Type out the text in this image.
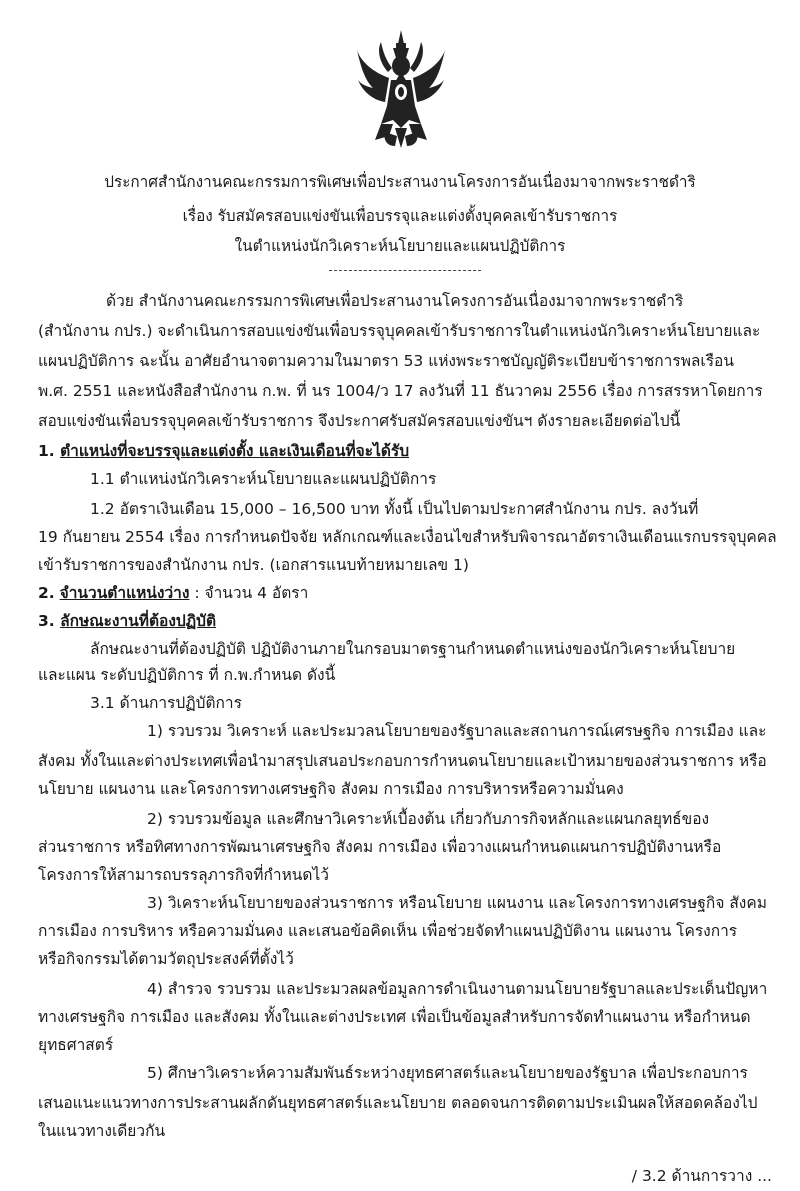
ประกาศสำนักงานคณะกรรมการพิเศษเพื่อประสานงานโครงการอันเนื่องมาจากพระราชดำริ
เรื่อง รับสมัครสอบแข่งขันเพื่อบรรจุและแต่งตั้งบุคคลเข้ารับราชการ
ในตำแหน่งนักวิเคราะห์นโยบายและแผนปฏิบัติการ
ด้วย สำนักงานคณะกรรมการพิเศษเพื่อประสานงานโครงการอันเนื่องมาจากพระราชดำริ
(สำนักงาน กปร.) จะดำเนินการสอบแข่งขันเพื่อบรรจุบุคคลเข้ารับราชการในตำแหน่งนักวิเคราะห์นโยบายและ
แผนปฏิบัติการ ฉะนั้น อาศัยอำนาจตามความในมาตรา 53 แห่งพระราชบัญญัติระเบียบข้าราชการพลเรือน
พ.ศ. 2551 และหนังสือสำนักงาน ก.พ. ที่ นร 1004/ว 17 ลงวันที่ 11 ธันวาคม 2556 เรื่อง การสรรหาโดยการ
สอบแข่งขันเพื่อบรรจุบุคคลเข้ารับราชการ จึงประกาศรับสมัครสอบแข่งขันฯ ดังรายละเอียดต่อไปนี้
1. ตำแหน่งที่จะบรรจุและแต่งตั้ง และเงินเดือนที่จะได้รับ
1.1 ตำแหน่งนักวิเคราะห์นโยบายและแผนปฏิบัติการ
1.2 อัตราเงินเดือน 15,000 – 16,500 บาท ทั้งนี้ เป็นไปตามประกาศสำนักงาน กปร. ลงวันที่
19 กันยายน 2554 เรื่อง การกำหนดปัจจัย หลักเกณฑ์และเงื่อนไขสำหรับพิจารณาอัตราเงินเดือนแรกบรรจุบุคคล
เข้ารับราชการของสำนักงาน กปร. (เอกสารแนบท้ายหมายเลข 1)
2. จำนวนตำแหน่งว่าง : จำนวน 4 อัตรา
3. ลักษณะงานที่ต้องปฏิบัติ
ลักษณะงานที่ต้องปฏิบัติ ปฏิบัติงานภายในกรอบมาตรฐานกำหนดตำแหน่งของนักวิเคราะห์นโยบาย
และแผน ระดับปฏิบัติการ ที่ ก.พ.กำหนด ดังนี้
3.1 ด้านการปฏิบัติการ
1) รวบรวม วิเคราะห์ และประมวลนโยบายของรัฐบาลและสถานการณ์เศรษฐกิจ การเมือง และ
สังคม ทั้งในและต่างประเทศเพื่อนำมาสรุปเสนอประกอบการกำหนดนโยบายและเป้าหมายของส่วนราชการ หรือ
นโยบาย แผนงาน และโครงการทางเศรษฐกิจ สังคม การเมือง การบริหารหรือความมั่นคง
2) รวบรวมข้อมูล และศึกษาวิเคราะห์เบื้องต้น เกี่ยวกับภารกิจหลักและแผนกลยุทธ์ของ
ส่วนราชการ หรือทิศทางการพัฒนาเศรษฐกิจ สังคม การเมือง เพื่อวางแผนกำหนดแผนการปฏิบัติงานหรือ
โครงการให้สามารถบรรลุภารกิจที่กำหนดไว้
3) วิเคราะห์นโยบายของส่วนราชการ หรือนโยบาย แผนงาน และโครงการทางเศรษฐกิจ สังคม
การเมือง การบริหาร หรือความมั่นคง และเสนอข้อคิดเห็น เพื่อช่วยจัดทำแผนปฏิบัติงาน แผนงาน โครงการ
หรือกิจกรรมได้ตามวัตถุประสงค์ที่ตั้งไว้
4) สำรวจ รวบรวม และประมวลผลข้อมูลการดำเนินงานตามนโยบายรัฐบาลและประเด็นปัญหา
ทางเศรษฐกิจ การเมือง และสังคม ทั้งในและต่างประเทศ เพื่อเป็นข้อมูลสำหรับการจัดทำแผนงาน หรือกำหนด
ยุทธศาสตร์
5) ศึกษาวิเคราะห์ความสัมพันธ์ระหว่างยุทธศาสตร์และนโยบายของรัฐบาล เพื่อประกอบการ
เสนอแนะแนวทางการประสานผลักดันยุทธศาสตร์และนโยบาย ตลอดจนการติดตามประเมินผลให้สอดคล้องไป
ในแนวทางเดียวกัน
/ 3.2 ด้านการวาง ...
